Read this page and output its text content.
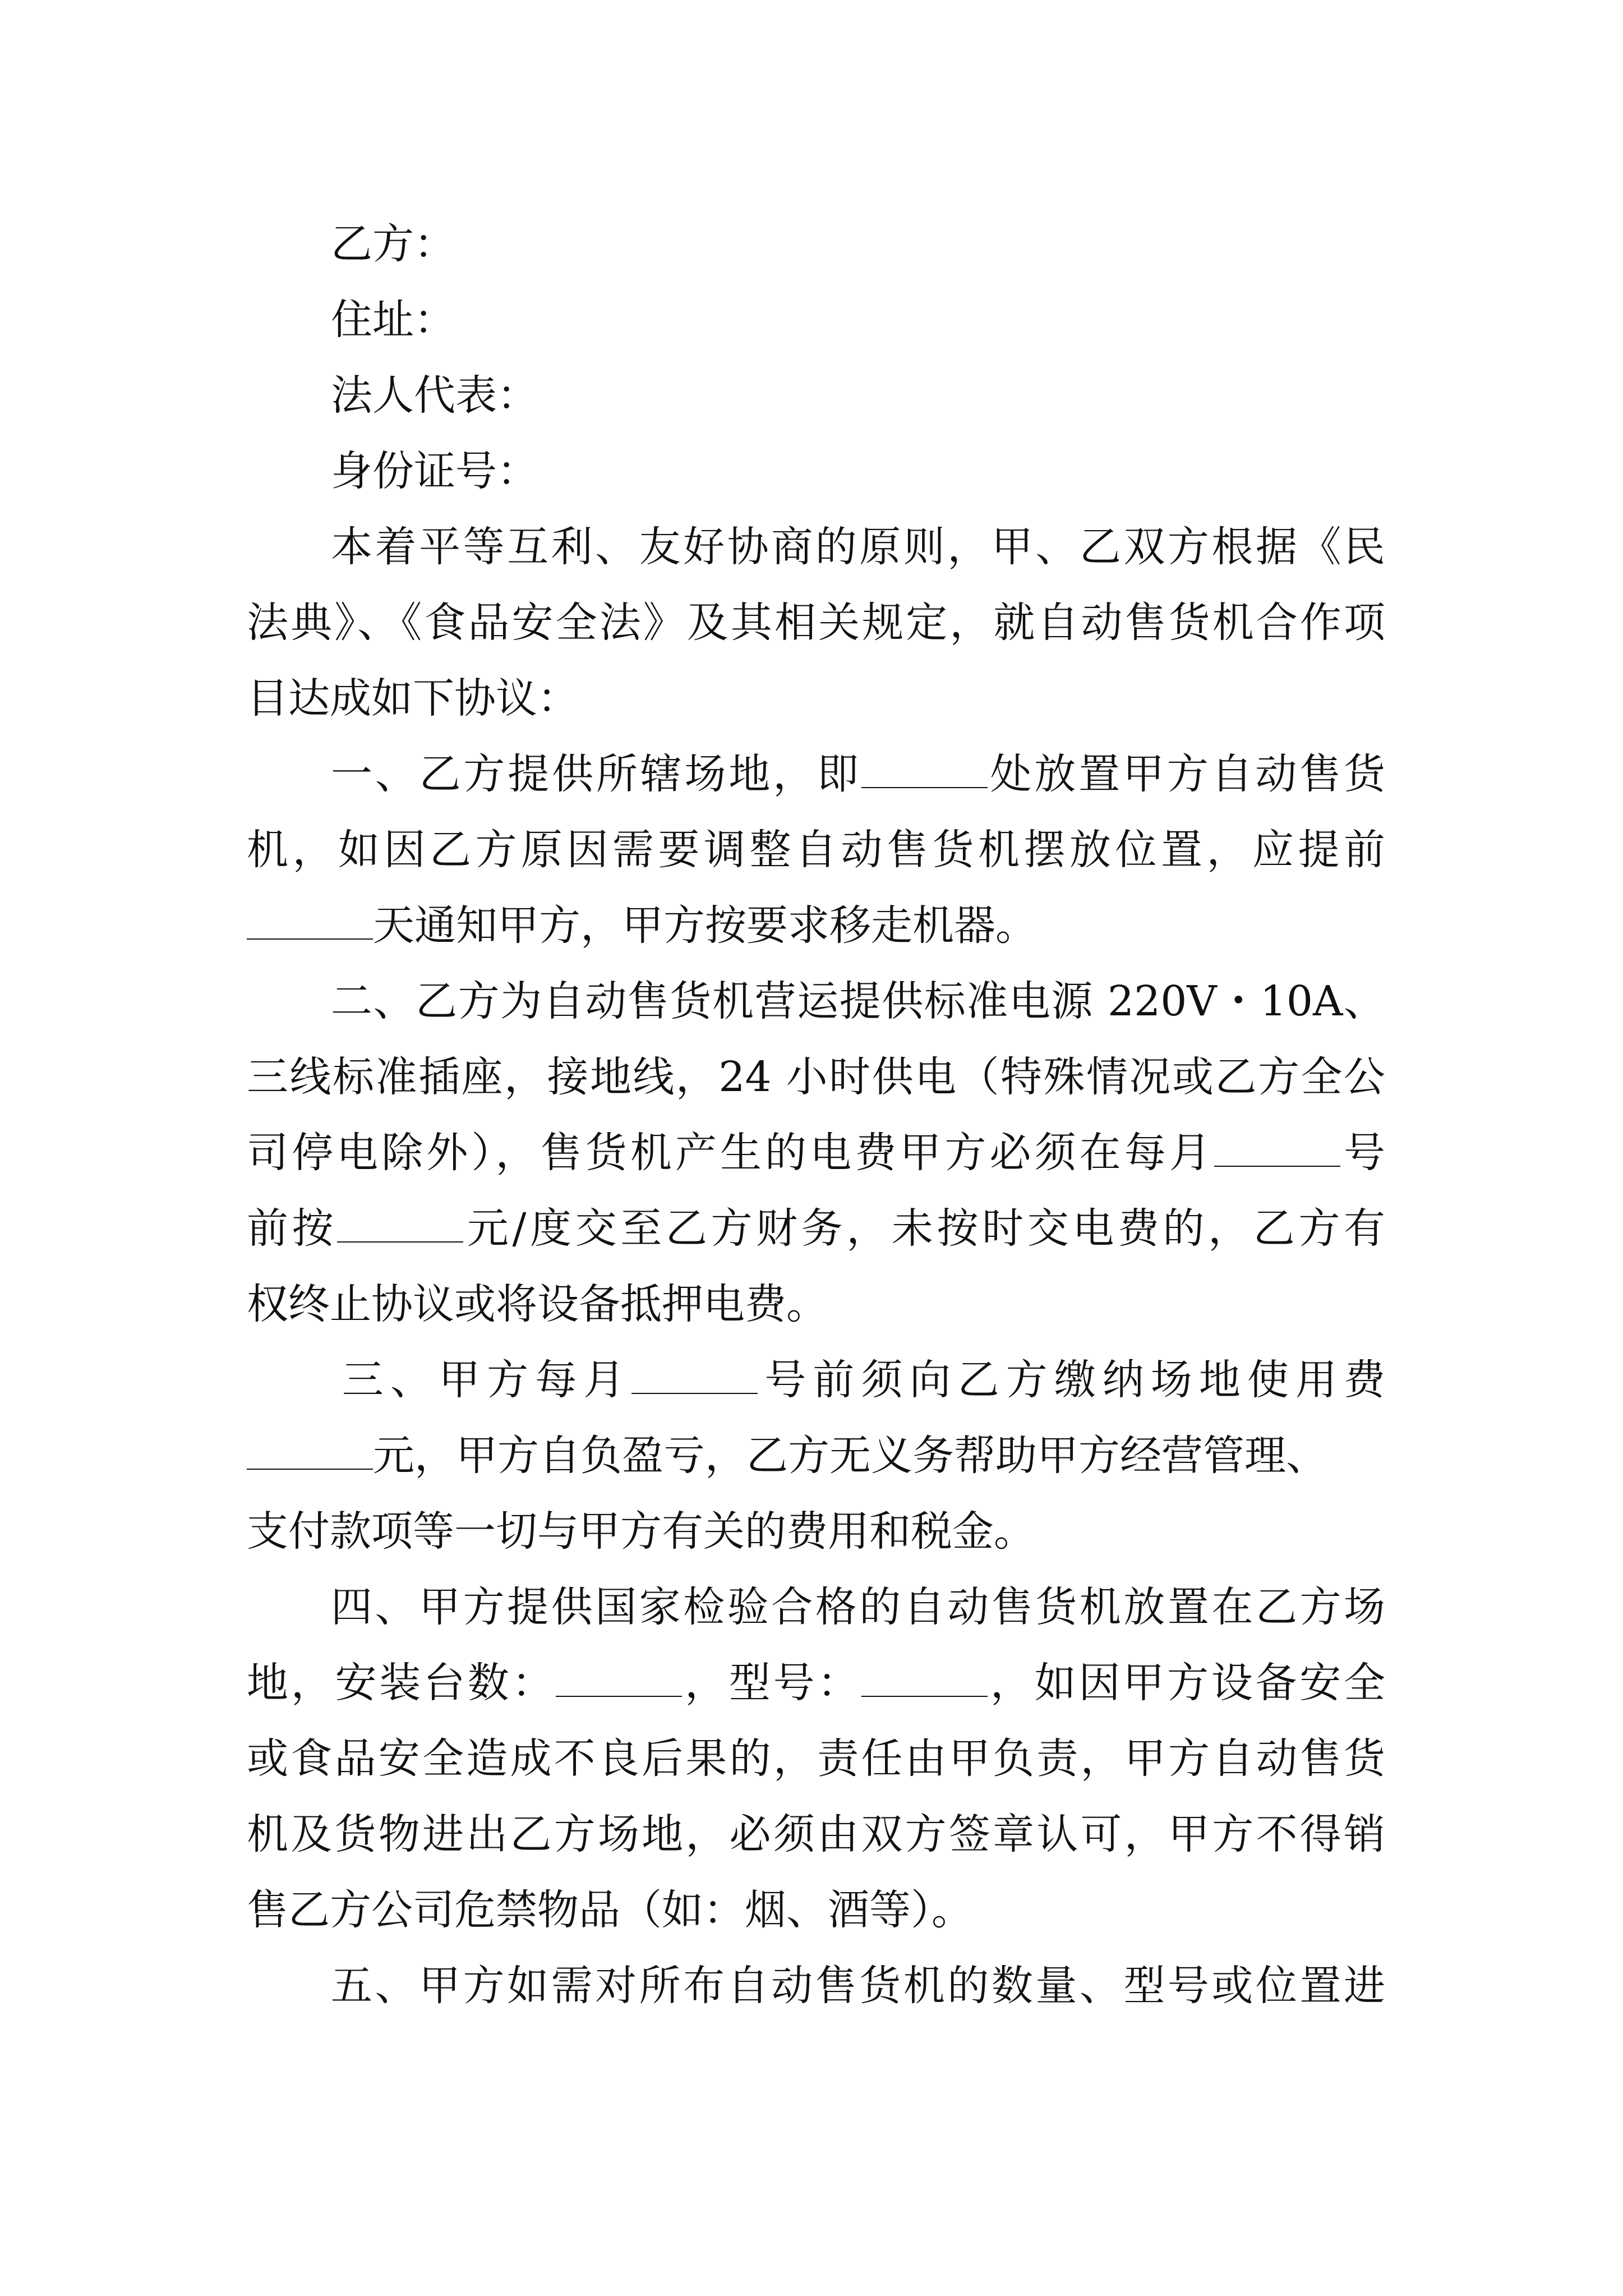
乙方：
住址：
法人代表：
身份证号：
本着平等互利、友好协商的原则，甲、乙双方根据《民
法典》、《食品安全法》及其相关规定，就自动售货机合作项
目达成如下协议：
一、乙方提供所辖场地，即	处放置甲方自动售货
机，如因乙方原因需要调整自动售货机摆放位置，应提前
天通知甲方，甲方按要求移走机器。
二、乙方为自动售货机营运提供标准电源 220V・10A、
三线标准插座，接地线，24 小时供电（特殊情况或乙方全公
司停电除外），售货机产生的电费甲方必须在每月	号
前按	元/度交至乙方财务，未按时交电费的，乙方有
权终止协议或将设备抵押电费。
三、甲方每月	号前须向乙方缴纳场地使用费
元，甲方自负盈亏，乙方无义务帮助甲方经营管理、
支付款项等一切与甲方有关的费用和税金。
四、甲方提供国家检验合格的自动售货机放置在乙方场
地，安装台数：	，型号：	，如因甲方设备安全
或食品安全造成不良后果的，责任由甲负责，甲方自动售货
机及货物进出乙方场地，必须由双方签章认可，甲方不得销
售乙方公司危禁物品（如：烟、酒等）。
五、甲方如需对所布自动售货机的数量、型号或位置进
